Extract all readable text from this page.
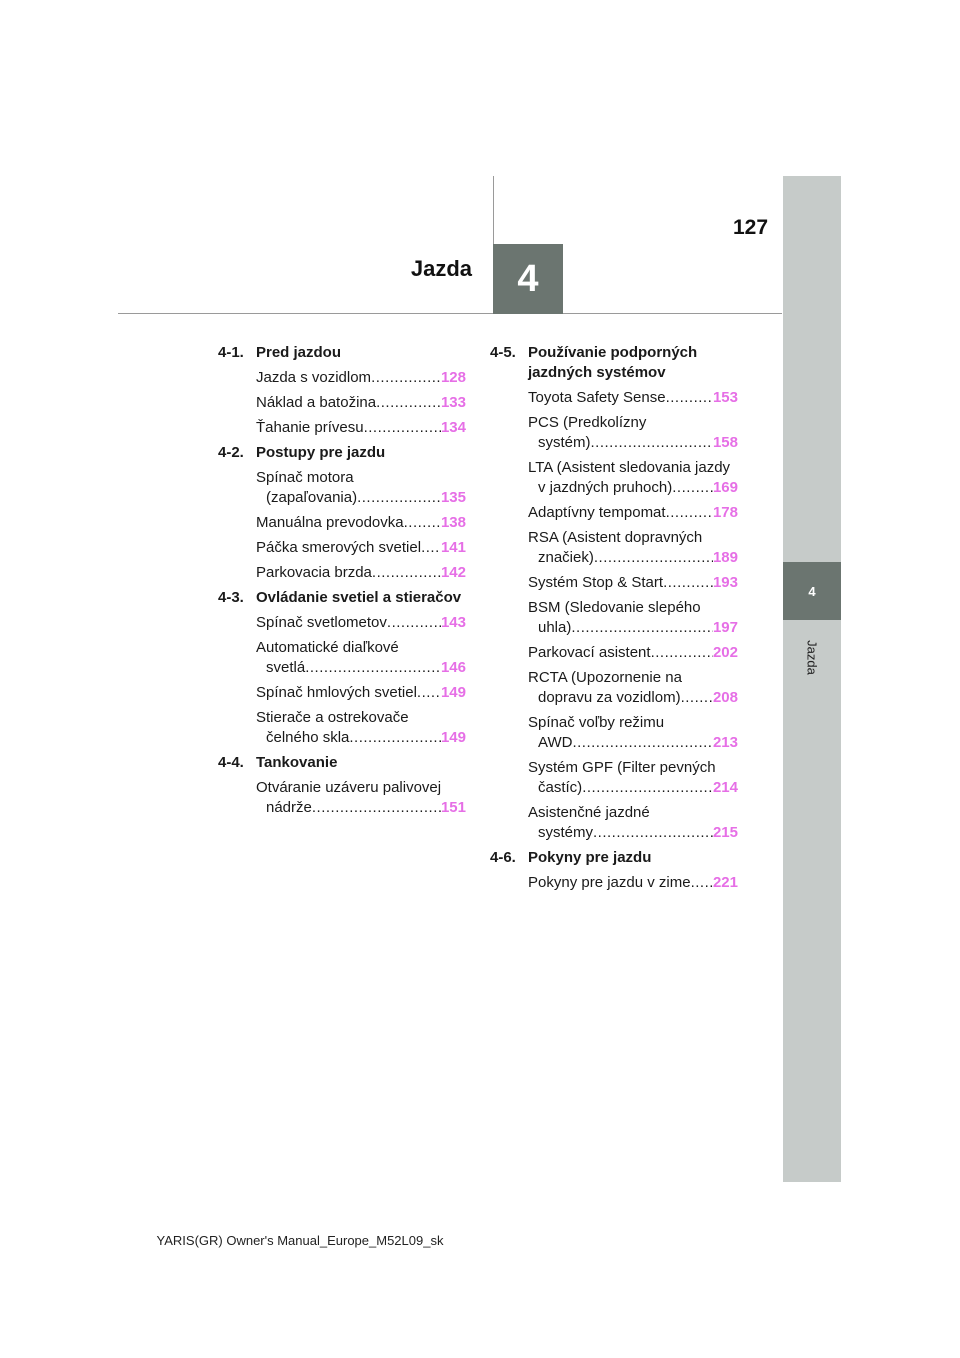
127
Jazda	4
4
Jazda
4-1. Pred jazdou
Jazda s vozidlom .....	128
Náklad a batožina .....	133
Ťahanie prívesu .....	134
4-2. Postupy pre jazdu
Spínač motora
(zapaľovania) .....	135
Manuálna prevodovka ..... 138
Páčka smerových svetiel ..... 141
Parkovacia brzda .....	142
4-3. Ovládanie svetiel a stieračov
Spínač svetlometov .....	143
Automatické diaľkové
svetlá .....	146
Spínač hmlových svetiel ..... 149
Stierače a ostrekovače
čelného skla .....	149
4-4. Tankovanie
Otváranie uzáveru palivovej
nádrže .....	151
4-5. Používanie podporných jazdných systémov
Toyota Safety Sense .....	153
PCS (Predkolízny
systém) .....	158
LTA (Asistent sledovania jazdy
v jazdných pruhoch) .....	169
Adaptívny tempomat .....	178
RSA (Asistent dopravných
značiek) .....	189
Systém Stop & Start .....	193
BSM (Sledovanie slepého
uhla) .....	197
Parkovací asistent .....	202
RCTA (Upozornenie na
dopravu za vozidlom) ..... 208
Spínač voľby režimu
AWD .....	213
Systém GPF (Filter pevných
častíc) .....	214
Asistenčné jazdné
systémy .....	215
4-6. Pokyny pre jazdu
Pokyny pre jazdu v zime ..... 221
YARIS(GR) Owner's Manual_Europe_M52L09_sk
